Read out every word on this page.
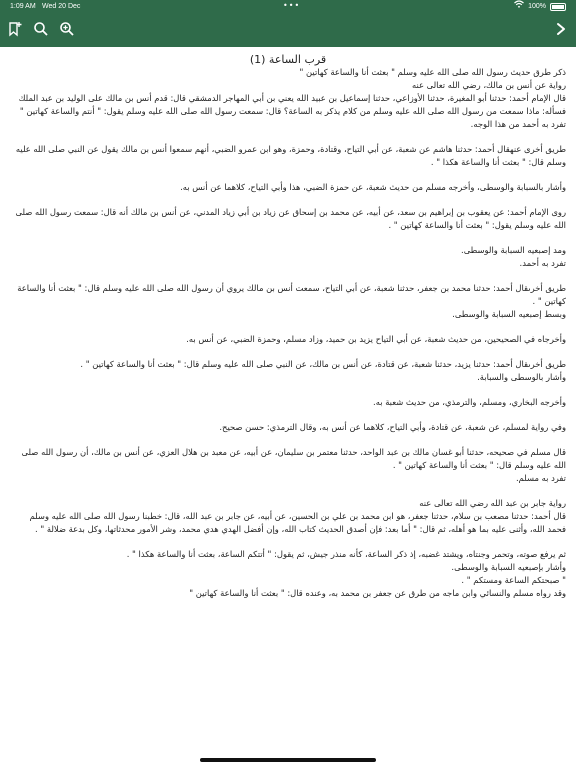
1:09 AM Wed 20 Dec	•••	100%
قرب الساعة (1)
ذكر طرق حديث رسول الله صلى الله عليه وسلم " بعثت أنا والساعة كهاتين "
رواية عن أنس بن مالك، رضي الله تعالى عنه
قال الإمام أحمد: حدثنا أبو المغيرة، حدثنا الأوزاعي، حدثنا إسماعيل بن عبيد الله يعني بن أبي المهاجر الدمشقي قال: قدم أنس بن مالك على الوليد بن عبد الملك فسأله: ماذا سمعت من رسول الله صلى الله عليه وسلم من كلام يذكر به الساعة؟ قال: سمعت رسول الله صلى الله عليه وسلم يقول: " أنتم والساعة كهاتين "
تفرد به أحمد من هذا الوجه.
طريق أخرى عنهقال أحمد: حدثنا هاشم عن شعبة، عن أبي التياح، وقتادة، وحمزة، وهو ابن عمرو الضبي، أنهم سمعوا أنس بن مالك يقول عن النبي صلى الله عليه وسلم قال: " بعثت أنا والساعة هكذا " .
وأشار بالسبابة والوسطى، وأخرجه مسلم من حديث شعبة، عن حمزة الضبي، هذا وأبي التياح، كلاهما عن أنس به.
روى الإمام أحمد: عن يعقوب بن إبراهيم بن سعد، عن أبيه، عن محمد بن إسحاق عن زياد بن أبي زياد المدني، عن أنس بن مالك أنه قال: سمعت رسول الله صلى الله عليه وسلم يقول: " بعثت أنا والساعة كهاتين " .
ومد إصبعيه السبابة والوسطى.
تفرد به أحمد.
طريق أخرىقال أحمد: حدثنا محمد بن جعفر، حدثنا شعبة، عن أبي التياح، سمعت أنس بن مالك يروي أن رسول الله صلى الله عليه وسلم قال: " بعثت أنا والساعة كهاتين " .
وبسط إصبعيه السبابة والوسطى.
وأخرجاه في الصحيحين، من حديث شعبة، عن أبي التياح يزيد بن حميد، وزاد مسلم، وحمزة الضبي، عن أنس به.
طريق أخرىقال أحمد: حدثنا يزيد، حدثنا شعبة، عن قتادة، عن أنس بن مالك، عن النبي صلى الله عليه وسلم قال: " بعثت أنا والساعة كهاتين " .
وأشار بالوسطى والسبابة.
وأخرجه البخاري، ومسلم، والترمذي، من حديث شعبة به.
وفي رواية لمسلم، عن شعبة، عن قتادة، وأبي التياح، كلاهما عن أنس به، وقال الترمذي: حسن صحيح.
قال مسلم في صحيحه، حدثنا أبو غسان مالك بن عبد الواحد، حدثنا معتمر بن سليمان، عن أبيه، عن معبد بن هلال العزي، عن أنس بن مالك، أن رسول الله صلى الله عليه وسلم قال: " بعثت أنا والساعة كهاتين " .
تفرد به مسلم.
رواية جابر بن عبد الله رضي الله تعالى عنه
قال أحمد: حدثنا مصعب بن سلام، حدثنا جعفر، هو ابن محمد بن علي بن الحسين، عن أبيه، عن جابر بن عبد الله، قال: خطبنا رسول الله صلى الله عليه وسلم فحمد الله، وأثنى عليه بما هو أهله، ثم قال: " أما بعد: فإن أصدق الحديث كتاب الله، وإن أفضل الهدي هدي محمد، وشر الأمور محدثاتها، وكل بدعة ضلالة " .
ثم يرفع صوته، وتحمر وجنتاه، ويشتد غضبه، إذ ذكر الساعة، كأنه منذر جيش، ثم يقول: " أتتكم الساعة، بعثت أنا والساعة هكذا " .
وأشار بإصبعيه السبابة والوسطى.
" صبحتكم الساعة ومستكم " .
وقد رواه مسلم والنسائي وابن ماجه من طرق عن جعفر بن محمد به، وعنده قال: " بعثت أنا والساعة كهاتين "
